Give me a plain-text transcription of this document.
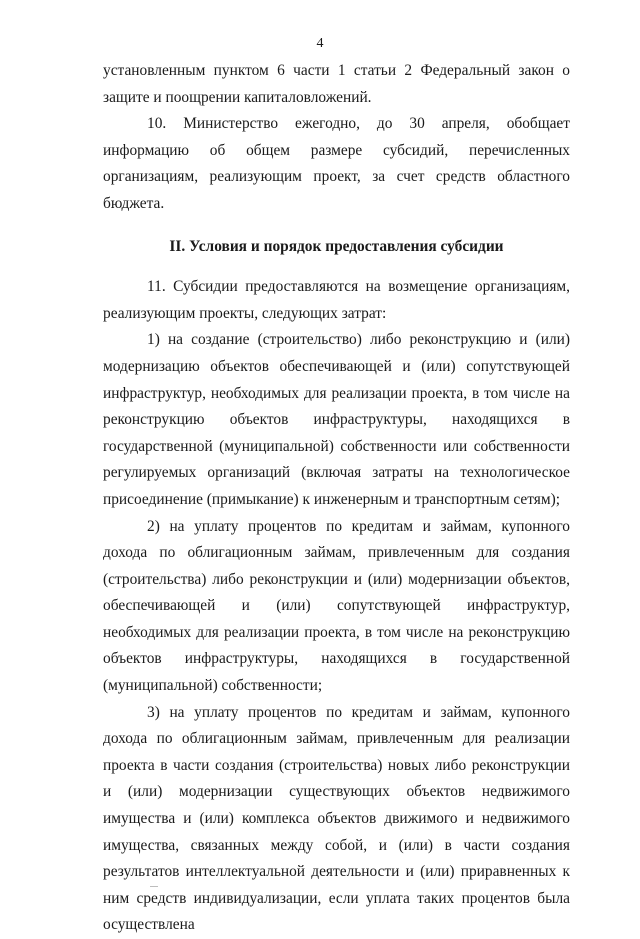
4

установленным пунктом 6 части 1 статьи 2 Федеральный закон о защите и поощрении капиталовложений.

10. Министерство ежегодно, до 30 апреля, обобщает информацию об общем размере субсидий, перечисленных организациям, реализующим проект, за счет средств областного бюджета.

II. Условия и порядок предоставления субсидии

11. Субсидии предоставляются на возмещение организациям, реализующим проекты, следующих затрат:

1) на создание (строительство) либо реконструкцию и (или) модернизацию объектов обеспечивающей и (или) сопутствующей инфраструктур, необходимых для реализации проекта, в том числе на реконструкцию объектов инфраструктуры, находящихся в государственной (муниципальной) собственности или собственности регулируемых организаций (включая затраты на технологическое присоединение (примыкание) к инженерным и транспортным сетям);

2) на уплату процентов по кредитам и займам, купонного дохода по облигационным займам, привлеченным для создания (строительства) либо реконструкции и (или) модернизации объектов, обеспечивающей и (или) сопутствующей инфраструктур, необходимых для реализации проекта, в том числе на реконструкцию объектов инфраструктуры, находящихся в государственной (муниципальной) собственности;

3) на уплату процентов по кредитам и займам, купонного дохода по облигационным займам, привлеченным для реализации проекта в части создания (строительства) новых либо реконструкции и (или) модернизации существующих объектов недвижимого имущества и (или) комплекса объектов движимого и недвижимого имущества, связанных между собой, и (или) в части создания результатов интеллектуальной деятельности и (или) приравненных к ним средств индивидуализации, если уплата таких процентов была осуществлена
